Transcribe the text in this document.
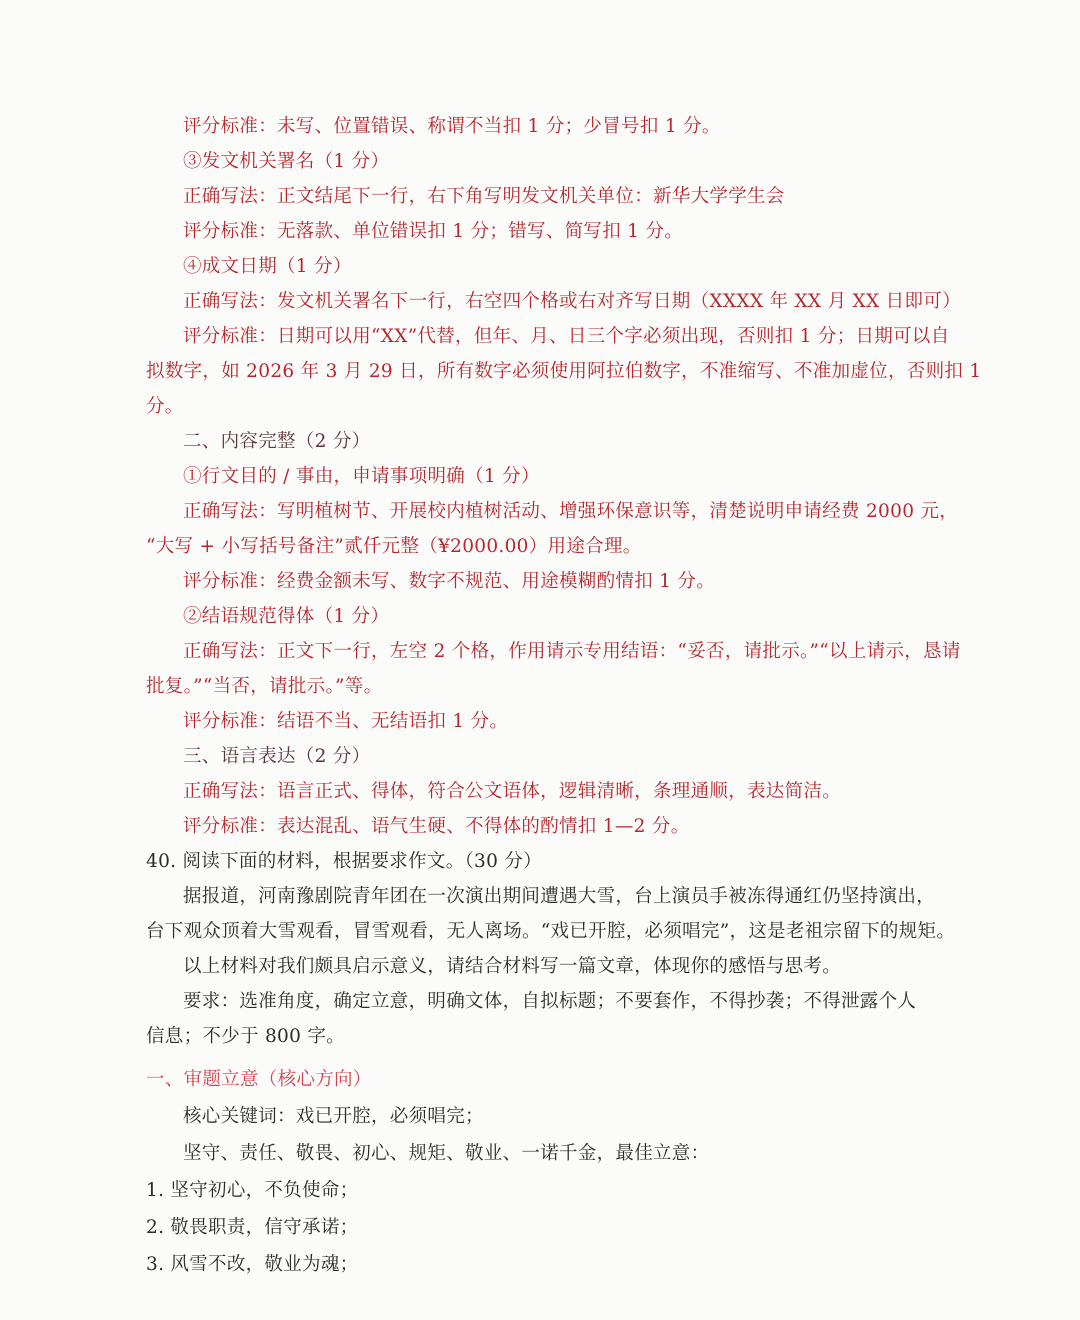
评分标准：未写、位置错误、称谓不当扣 1 分；少冒号扣 1 分。
③发文机关署名（1 分）
正确写法：正文结尾下一行，右下角写明发文机关单位：新华大学学生会
评分标准：无落款、单位错误扣 1 分；错写、简写扣 1 分。
④成文日期（1 分）
正确写法：发文机关署名下一行，右空四个格或右对齐写日期（XXXX 年 XX 月 XX 日即可）
评分标准：日期可以用“XX”代替，但年、月、日三个字必须出现，否则扣 1 分；日期可以自
拟数字，如 2026 年 3 月 29 日，所有数字必须使用阿拉伯数字，不准缩写、不准加虚位，否则扣 1
分。
二、内容完整（2 分）
①行文目的 / 事由，申请事项明确（1 分）
正确写法：写明植树节、开展校内植树活动、增强环保意识等，清楚说明申请经费 2000 元，
“大写 + 小写括号备注”贰仟元整（¥2000.00）用途合理。
评分标准：经费金额未写、数字不规范、用途模糊酌情扣 1 分。
②结语规范得体（1 分）
正确写法：正文下一行，左空 2 个格，作用请示专用结语：“妥否，请批示。”“以上请示，恳请
批复。”“当否，请批示。”等。
评分标准：结语不当、无结语扣 1 分。
三、语言表达（2 分）
正确写法：语言正式、得体，符合公文语体，逻辑清晰，条理通顺，表达简洁。
评分标准：表达混乱、语气生硬、不得体的酌情扣 1—2 分。
40. 阅读下面的材料，根据要求作文。（30 分）
据报道，河南豫剧院青年团在一次演出期间遭遇大雪，台上演员手被冻得通红仍坚持演出，
台下观众顶着大雪观看，冒雪观看，无人离场。“戏已开腔，必须唱完”，这是老祖宗留下的规矩。
以上材料对我们颇具启示意义，请结合材料写一篇文章，体现你的感悟与思考。
要求：选准角度，确定立意，明确文体，自拟标题；不要套作，不得抄袭；不得泄露个人
信息；不少于 800 字。
一、审题立意（核心方向）
核心关键词：戏已开腔，必须唱完；
坚守、责任、敬畏、初心、规矩、敬业、一诺千金，最佳立意：
1. 坚守初心，不负使命；
2. 敬畏职责，信守承诺；
3. 风雪不改，敬业为魂；
